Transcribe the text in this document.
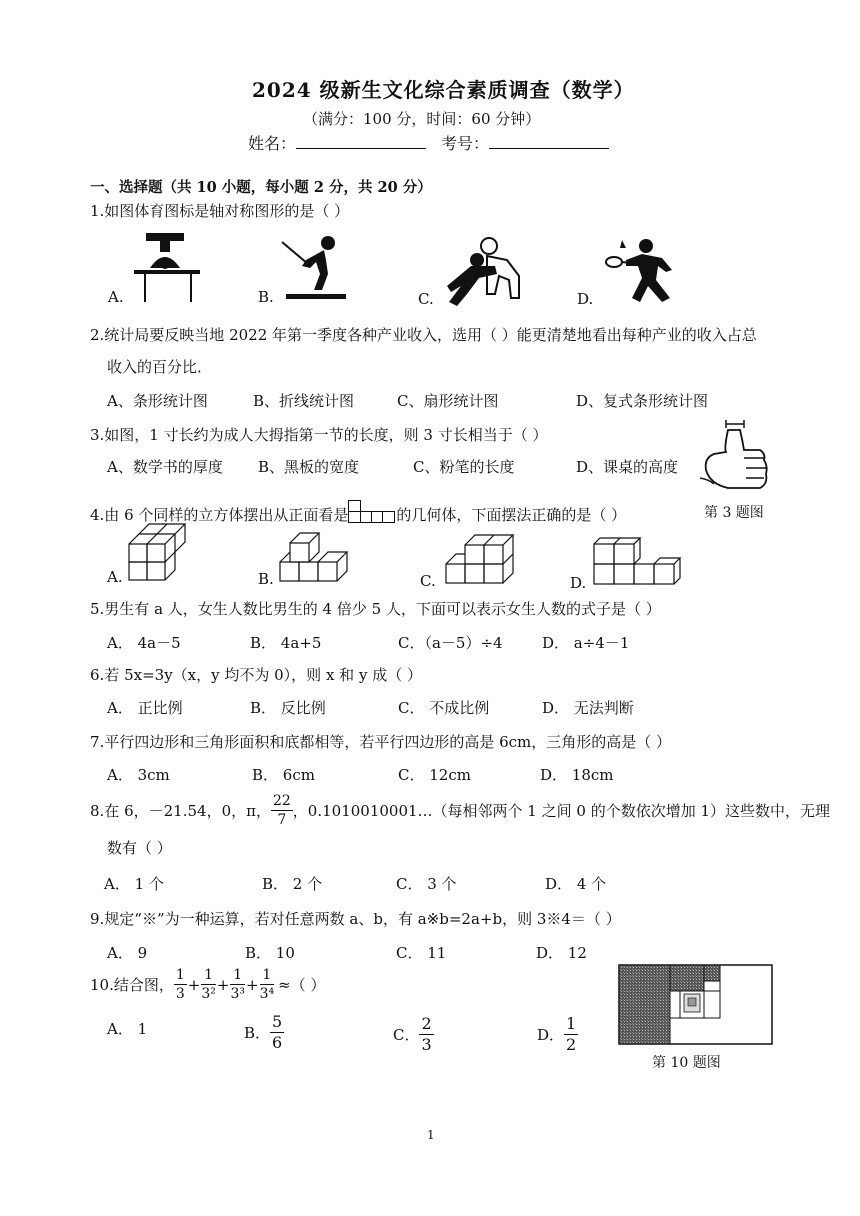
2024 级新生文化综合素质调查（数学）
（满分：100 分，时间：60 分钟）
姓名：	考号：
一、选择题（共 10 小题，每小题 2 分，共 20 分）
1.如图体育图标是轴对称图形的是（ ）
A.	B.	C.	D.
2.统计局要反映当地 2022 年第一季度各种产业收入，选用（ ）能更清楚地看出每种产业的收入占总
收入的百分比．
A、条形统计图	B、折线统计图	C、扇形统计图	D、复式条形统计图
3.如图，1 寸长约为成人大拇指第一节的长度，则 3 寸长相当于（ ）
A、数学书的厚度 B、黑板的宽度	C、粉笔的长度	D、课桌的高度
第 3 题图
4.由 6 个同样的立方体摆出从正面看是	的几何体，下面摆法正确的是（ ）
A.	B.	C.	D.
5.男生有 a 人，女生人数比男生的 4 倍少 5 人，下面可以表示女生人数的式子是（ ）
A． 4a－5	B． 4a+5	C．（a－5）÷4	D． a÷4－1
6.若 5x=3y（x，y 均不为 0），则 x 和 y 成（ ）
A． 正比例	B． 反比例	C． 不成比例	D． 无法判断
7.平行四边形和三角形面积和底都相等，若平行四边形的高是 6cm，三角形的高是（ ）
A． 3cm	B． 6cm	C． 12cm	D． 18cm
8.在 6，－21.54，0，π， $\frac{22}{7}$ ，0.1010010001…（每相邻两个 1 之间 0 的个数依次增加 1）这些数中，无理
数有（ ）
A． 1 个	B． 2 个	C． 3 个	D． 4 个
9.规定“※”为一种运算，若对任意两数 a、b，有 a※b=2a+b，则 3※4＝（ ）
A． 9	B． 10	C． 11	D． 12
10.结合图， $\frac{1}{3} + \frac{1}{\text{3²}} + \frac{1}{\text{3³}} + \frac{1}{\text{3⁴}}$ ≈（ ）
A． 1	B． $\frac{5}{6}$	C． $\frac{2}{3}$	D． $\frac{1}{2}$
第 10 题图
1
